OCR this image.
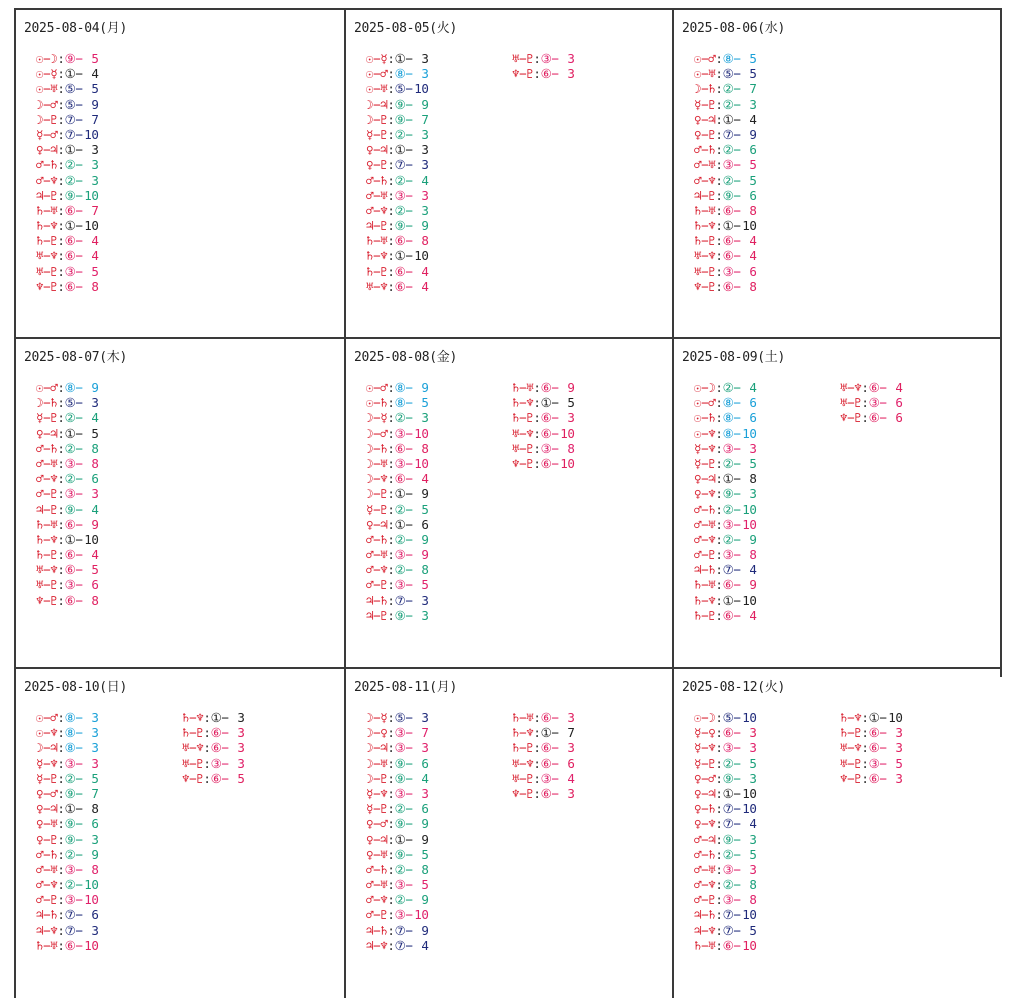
2025-08-04(月)
☉−☽:⑨− 5
☉−☿:①− 4
☉−♅:⑤− 5
☽−♂:⑤− 9
☽−♇:⑦− 7
☿−♂:⑦− 10
♀−♃:①− 3
♂−♄:②− 3
♂−♆:②− 3
♃−♇:⑨− 10
♄−♅:⑥− 7
♄−♆:①− 10
♄−♇:⑥− 4
♅−♆:⑥− 4
♅−♇:③− 5
♆−♇:⑥− 8
2025-08-05(火)
☉−☿:①− 3
☉−♂:⑧− 3
☉−♅:⑤− 10
☽−♃:⑨− 9
☽−♇:⑨− 7
☿−♇:②− 3
♀−♃:①− 3
♀−♇:⑦− 3
♂−♄:②− 4
♂−♅:③− 3
♂−♆:②− 3
♃−♇:⑨− 9
♄−♅:⑥− 8
♄−♆:①− 10
♄−♇:⑥− 4
♅−♆:⑥− 4
♅−♇:③− 3
♆−♇:⑥− 3
2025-08-06(水)
☉−♂:⑧− 5
☉−♅:⑤− 5
☽−♄:②− 7
☿−♇:②− 3
♀−♃:①− 4
♀−♇:⑦− 9
♂−♄:②− 6
♂−♅:③− 5
♂−♆:②− 5
♃−♇:⑨− 6
♄−♅:⑥− 8
♄−♆:①− 10
♄−♇:⑥− 4
♅−♆:⑥− 4
♅−♇:③− 6
♆−♇:⑥− 8
2025-08-07(木)
☉−♂:⑧− 9
☽−♄:⑤− 3
☿−♇:②− 4
♀−♃:①− 5
♂−♄:②− 8
♂−♅:③− 8
♂−♆:②− 6
♂−♇:③− 3
♃−♇:⑨− 4
♄−♅:⑥− 9
♄−♆:①− 10
♄−♇:⑥− 4
♅−♆:⑥− 5
♅−♇:③− 6
♆−♇:⑥− 8
2025-08-08(金)
☉−♂:⑧− 9
☉−♄:⑧− 5
☽−☿:②− 3
☽−♂:③− 10
☽−♄:⑥− 8
☽−♅:③− 10
☽−♆:⑥− 4
☽−♇:①− 9
☿−♇:②− 5
♀−♃:①− 6
♂−♄:②− 9
♂−♅:③− 9
♂−♆:②− 8
♂−♇:③− 5
♃−♄:⑦− 3
♃−♇:⑨− 3
♄−♅:⑥− 9
♄−♆:①− 5
♄−♇:⑥− 3
♅−♆:⑥− 10
♅−♇:③− 8
♆−♇:⑥− 10
2025-08-09(土)
☉−☽:②− 4
☉−♂:⑧− 6
☉−♄:⑧− 6
☉−♆:⑧− 10
☿−♆:③− 3
☿−♇:②− 5
♀−♃:①− 8
♀−♆:⑨− 3
♂−♄:②− 10
♂−♅:③− 10
♂−♆:②− 9
♂−♇:③− 8
♃−♄:⑦− 4
♄−♅:⑥− 9
♄−♆:①− 10
♄−♇:⑥− 4
♅−♆:⑥− 4
♅−♇:③− 6
♆−♇:⑥− 6
2025-08-10(日)
☉−♂:⑧− 3
☉−♆:⑧− 3
☽−♃:⑧− 3
☿−♆:③− 3
☿−♇:②− 5
♀−♂:⑨− 7
♀−♃:①− 8
♀−♅:⑨− 6
♀−♇:⑨− 3
♂−♄:②− 9
♂−♅:③− 8
♂−♆:②− 10
♂−♇:③− 10
♃−♄:⑦− 6
♃−♆:⑦− 3
♄−♅:⑥− 10
♄−♆:①− 3
♄−♇:⑥− 3
♅−♆:⑥− 3
♅−♇:③− 3
♆−♇:⑥− 5
2025-08-11(月)
☽−☿:⑤− 3
☽−♀:③− 7
☽−♃:③− 3
☽−♅:⑨− 6
☽−♇:⑨− 4
☿−♆:③− 3
☿−♇:②− 6
♀−♂:⑨− 9
♀−♃:①− 9
♀−♅:⑨− 5
♂−♄:②− 8
♂−♅:③− 5
♂−♆:②− 9
♂−♇:③− 10
♃−♄:⑦− 9
♃−♆:⑦− 4
♄−♅:⑥− 3
♄−♆:①− 7
♄−♇:⑥− 3
♅−♆:⑥− 6
♅−♇:③− 4
♆−♇:⑥− 3
2025-08-12(火)
☉−☽:⑤− 10
☿−♀:⑥− 3
☿−♆:③− 3
☿−♇:②− 5
♀−♂:⑨− 3
♀−♃:①− 10
♀−♄:⑦− 10
♀−♆:⑦− 4
♂−♃:⑨− 3
♂−♄:②− 5
♂−♅:③− 3
♂−♆:②− 8
♂−♇:③− 8
♃−♄:⑦− 10
♃−♆:⑦− 5
♄−♅:⑥− 10
♄−♆:①− 10
♄−♇:⑥− 3
♅−♆:⑥− 3
♅−♇:③− 5
♆−♇:⑥− 3
